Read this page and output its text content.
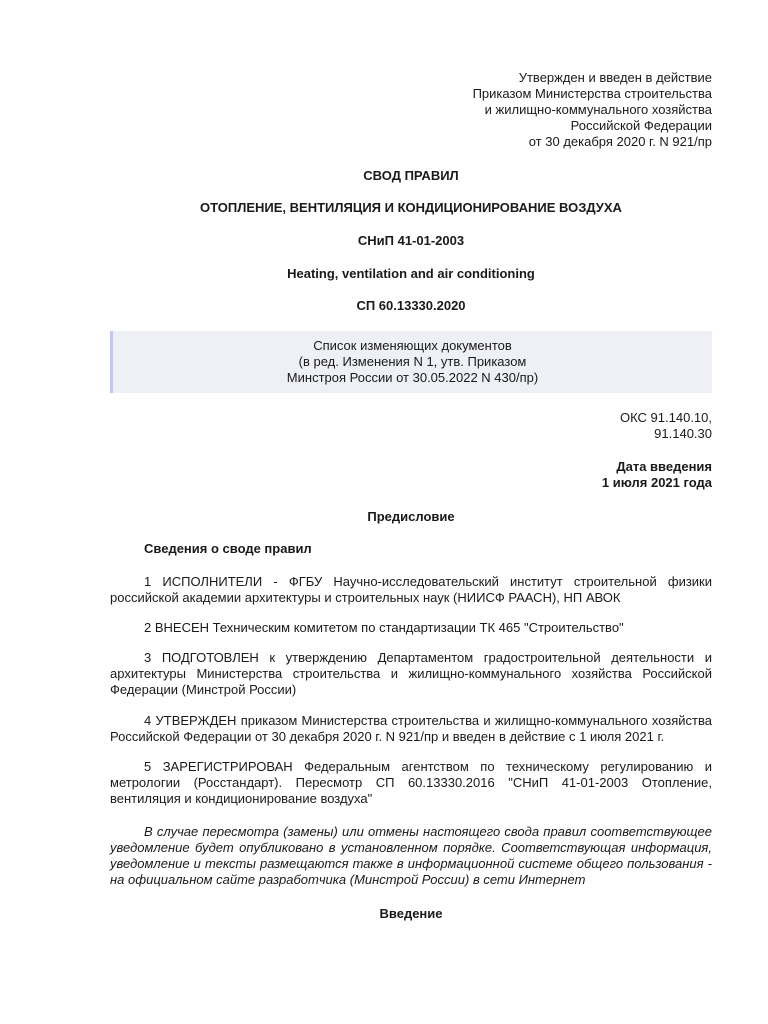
Утвержден и введен в действие
Приказом Министерства строительства
и жилищно-коммунального хозяйства
Российской Федерации
от 30 декабря 2020 г. N 921/пр
СВОД ПРАВИЛ
ОТОПЛЕНИЕ, ВЕНТИЛЯЦИЯ И КОНДИЦИОНИРОВАНИЕ ВОЗДУХА
СНиП 41-01-2003
Heating, ventilation and air conditioning
СП 60.13330.2020
Список изменяющих документов
(в ред. Изменения N 1, утв. Приказом
Минстроя России от 30.05.2022 N 430/пр)
ОКС 91.140.10,
91.140.30
Дата введения
1 июля 2021 года
Предисловие
Сведения о своде правил
1 ИСПОЛНИТЕЛИ - ФГБУ Научно-исследовательский институт строительной физики российской академии архитектуры и строительных наук (НИИСФ РААСН), НП АВОК
2 ВНЕСЕН Техническим комитетом по стандартизации ТК 465 "Строительство"
3 ПОДГОТОВЛЕН к утверждению Департаментом градостроительной деятельности и архитектуры Министерства строительства и жилищно-коммунального хозяйства Российской Федерации (Минстрой России)
4 УТВЕРЖДЕН приказом Министерства строительства и жилищно-коммунального хозяйства Российской Федерации от 30 декабря 2020 г. N 921/пр и введен в действие с 1 июля 2021 г.
5 ЗАРЕГИСТРИРОВАН Федеральным агентством по техническому регулированию и метрологии (Росстандарт). Пересмотр СП 60.13330.2016 "СНиП 41-01-2003 Отопление, вентиляция и кондиционирование воздуха"
В случае пересмотра (замены) или отмены настоящего свода правил соответствующее уведомление будет опубликовано в установленном порядке. Соответствующая информация, уведомление и тексты размещаются также в информационной системе общего пользования - на официальном сайте разработчика (Минстрой России) в сети Интернет
Введение
